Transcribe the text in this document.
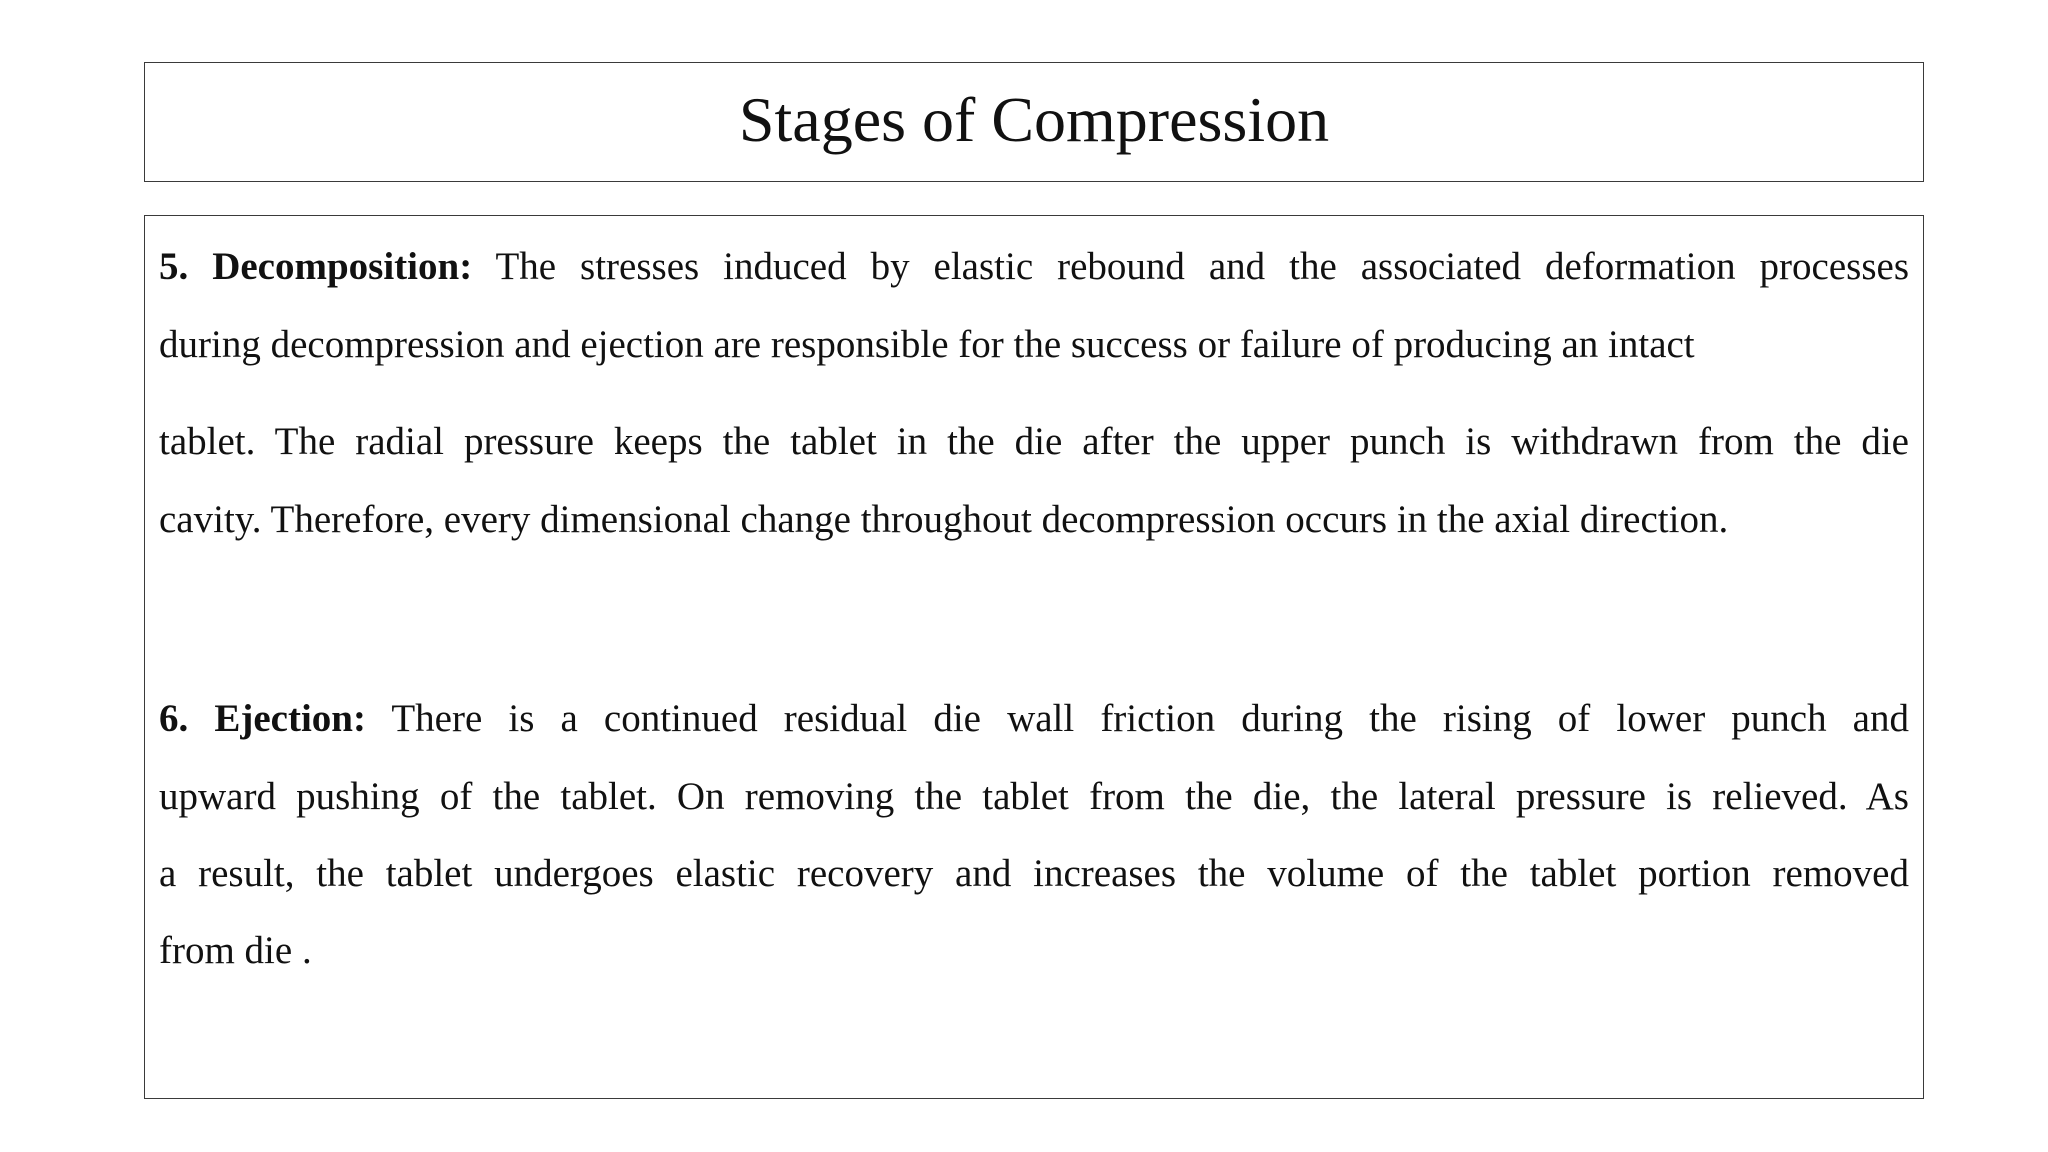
Stages of Compression
5. Decomposition: The stresses induced by elastic rebound and the associated deformation processes
during decompression and ejection are responsible for the success or failure of producing an intact
tablet. The radial pressure keeps the tablet in the die after the upper punch is withdrawn from the die
cavity. Therefore, every dimensional change throughout decompression occurs in the axial direction.
6. Ejection: There is a continued residual die wall friction during the rising of lower punch and
upward pushing of the tablet. On removing the tablet from the die, the lateral pressure is relieved. As
a result, the tablet undergoes elastic recovery and increases the volume of the tablet portion removed
from die .
